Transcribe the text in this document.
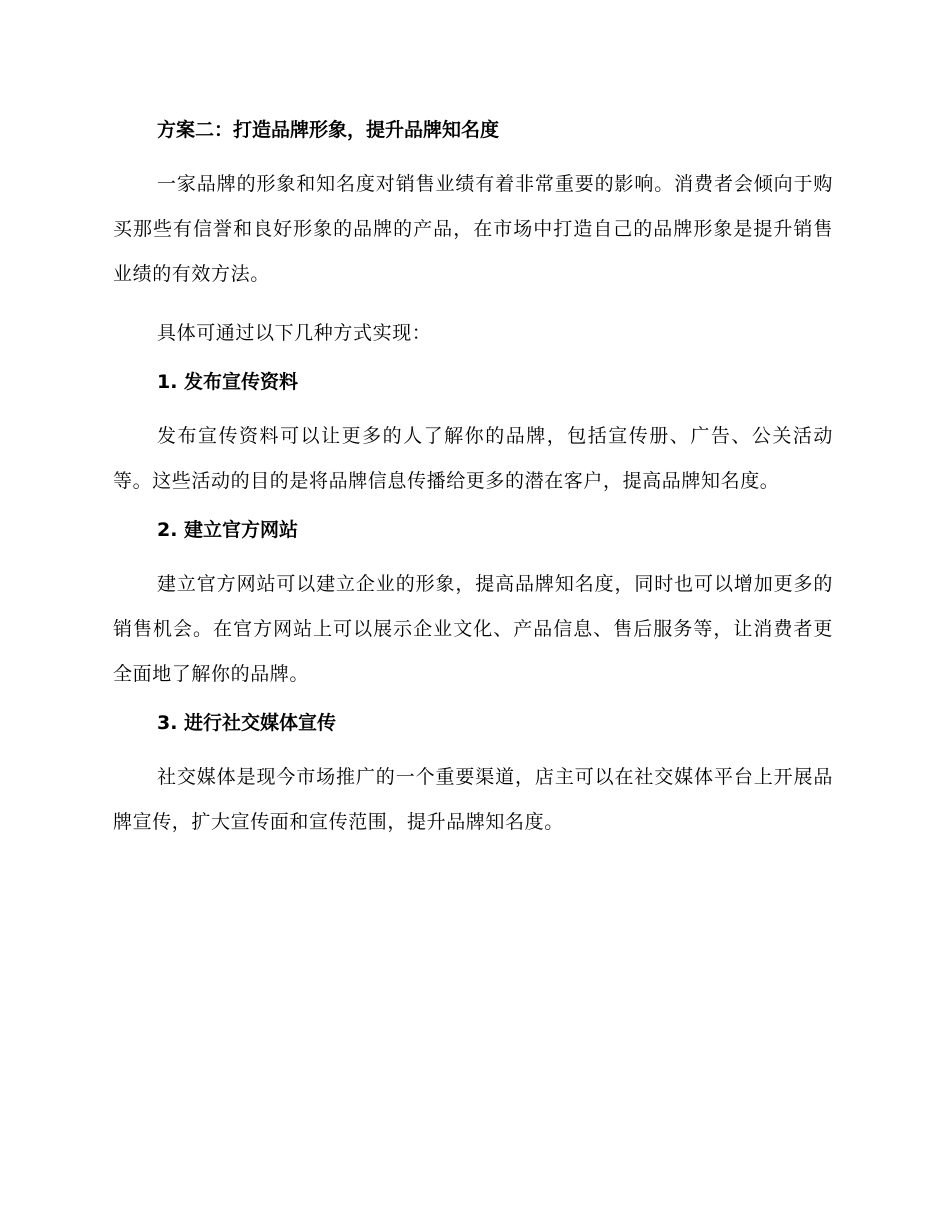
方案二：打造品牌形象，提升品牌知名度

一家品牌的形象和知名度对销售业绩有着非常重要的影响。消费者会倾向于购买那些有信誉和良好形象的品牌的产品，在市场中打造自己的品牌形象是提升销售业绩的有效方法。

具体可通过以下几种方式实现：

1. 发布宣传资料

发布宣传资料可以让更多的人了解你的品牌，包括宣传册、广告、公关活动等。这些活动的目的是将品牌信息传播给更多的潜在客户，提高品牌知名度。

2. 建立官方网站

建立官方网站可以建立企业的形象，提高品牌知名度，同时也可以增加更多的销售机会。在官方网站上可以展示企业文化、产品信息、售后服务等，让消费者更全面地了解你的品牌。

3. 进行社交媒体宣传

社交媒体是现今市场推广的一个重要渠道，店主可以在社交媒体平台上开展品牌宣传，扩大宣传面和宣传范围，提升品牌知名度。
